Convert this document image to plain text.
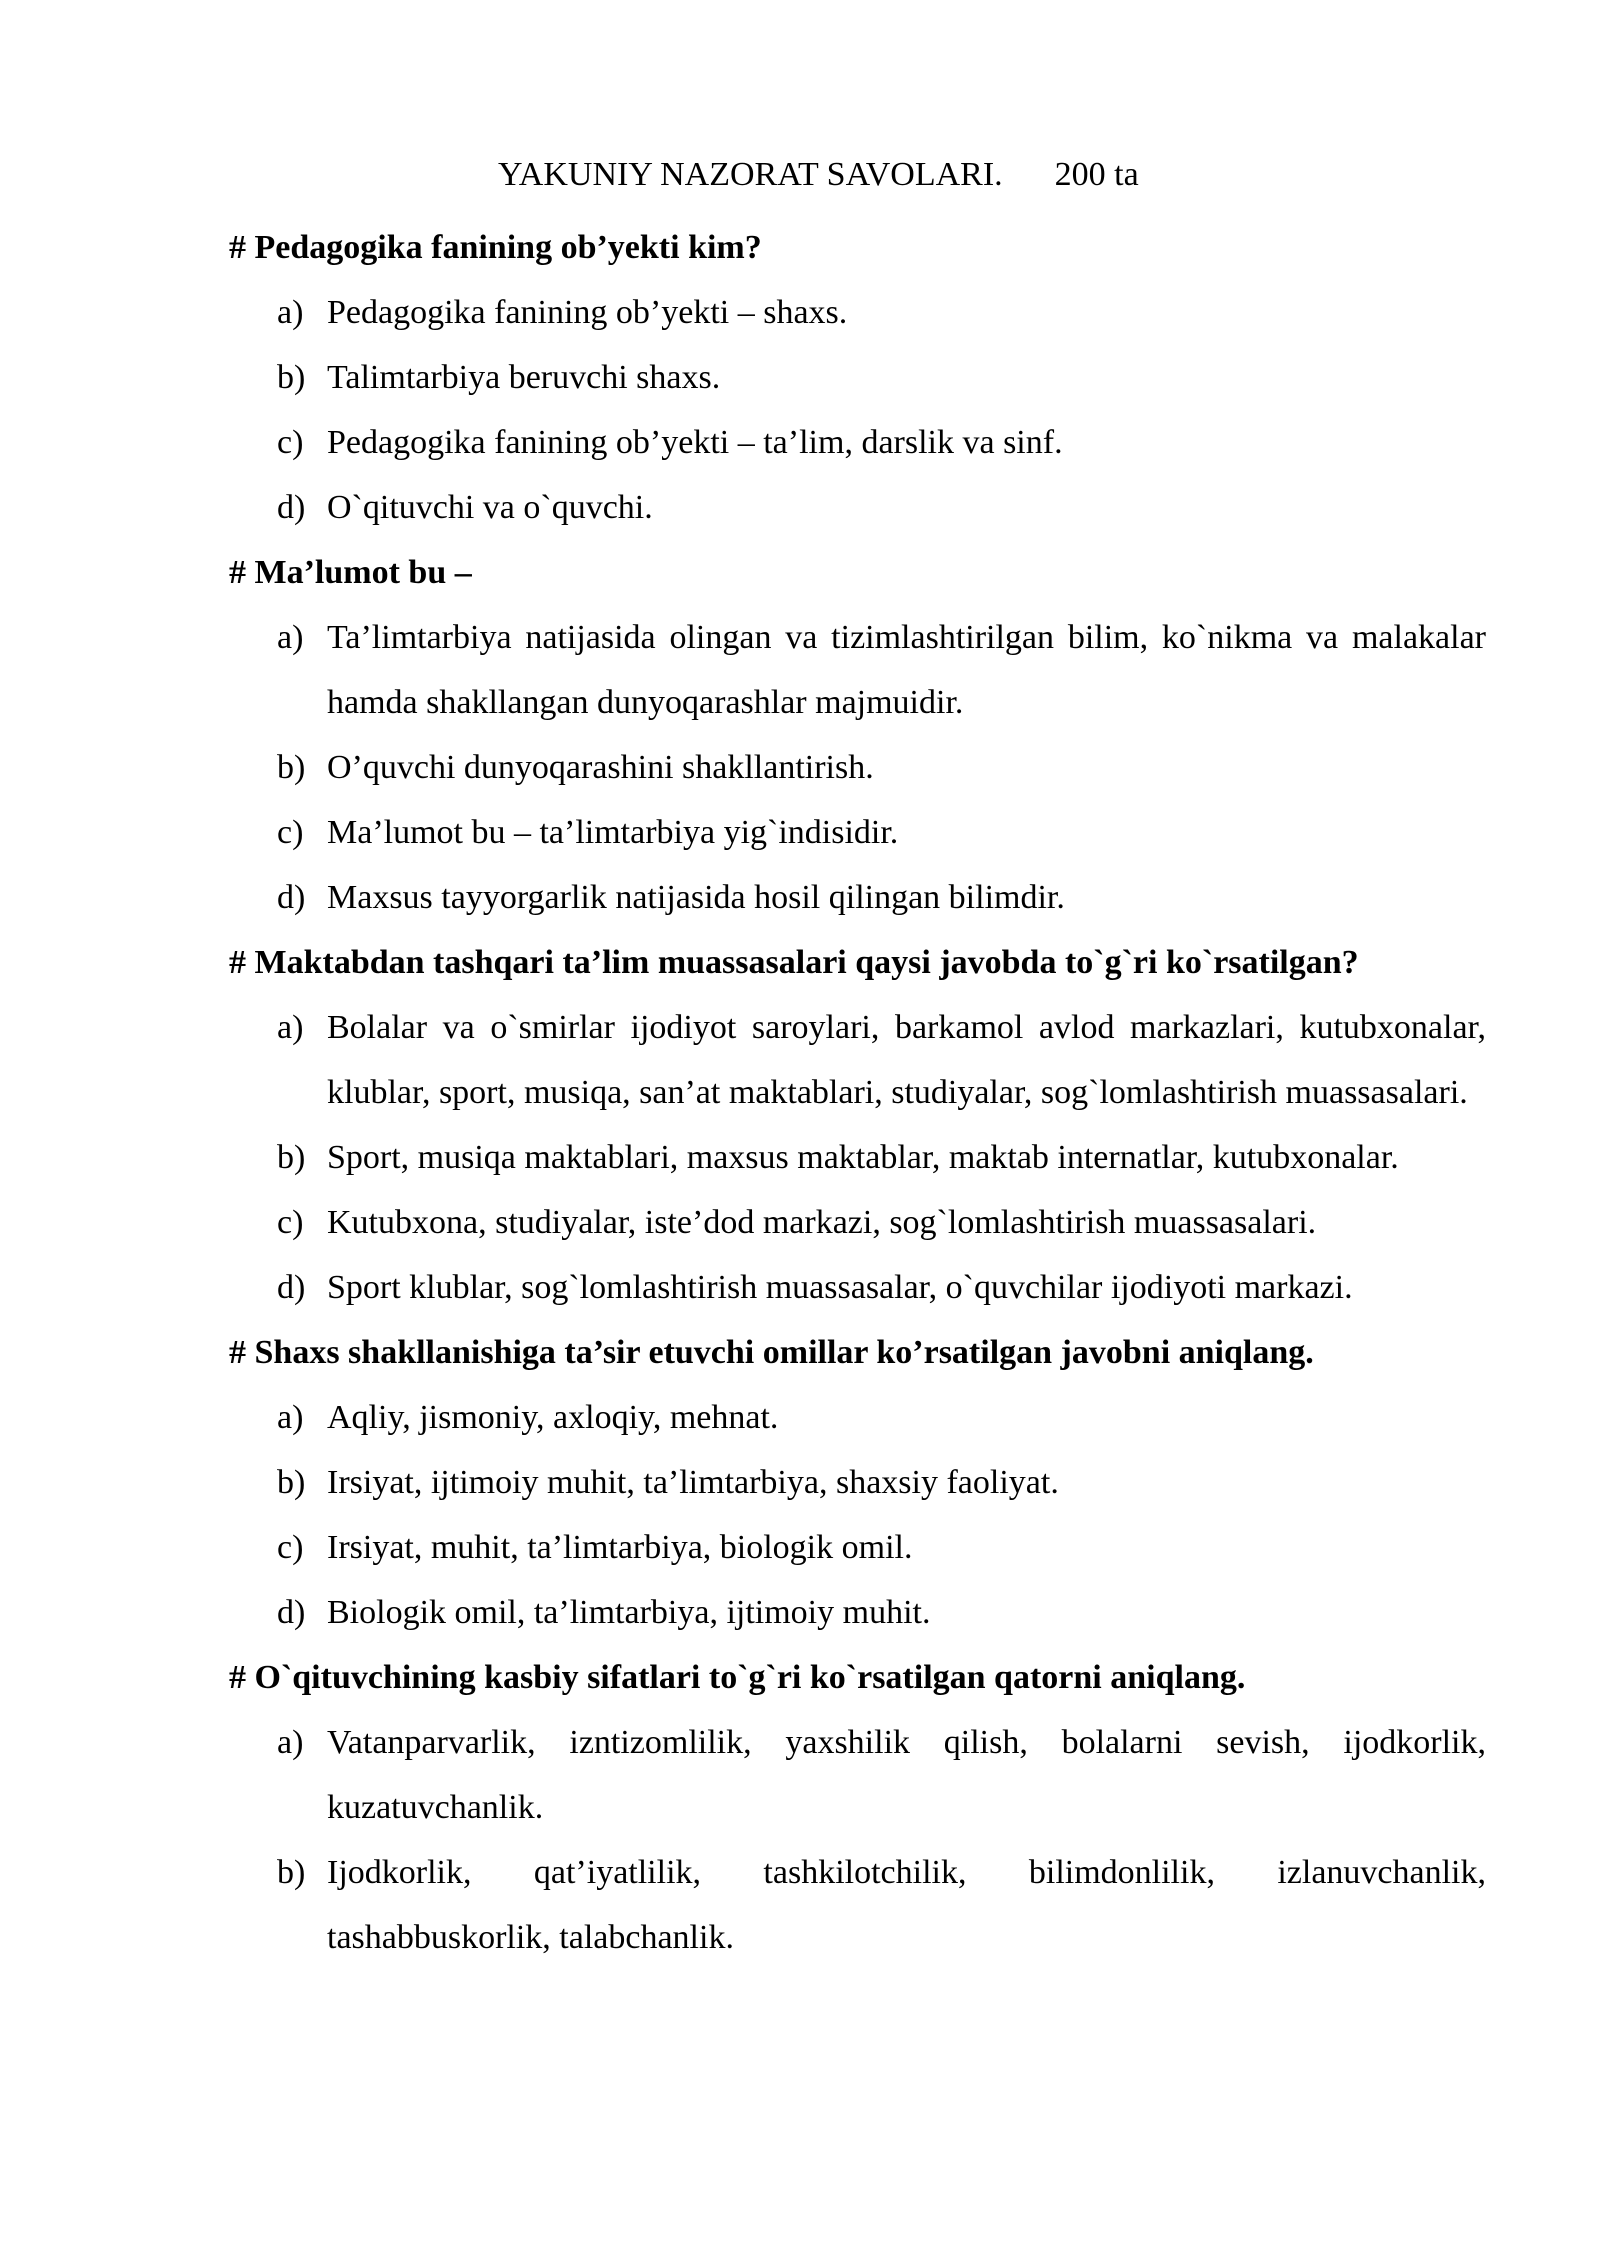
YAKUNIY NAZORAT SAVOLARI. 200 ta
# Pedagogika fanining ob’yekti kim?
a) Pedagogika fanining ob’yekti – shaxs.
b) Talimtarbiya beruvchi shaxs.
c) Pedagogika fanining ob’yekti – ta’lim, darslik va sinf.
d) O`qituvchi va o`quvchi.
# Ma’lumot bu –
a) Ta’limtarbiya natijasida olingan va tizimlashtirilgan bilim, ko`nikma va malakalar hamda shakllangan dunyoqarashlar majmuidir.
b) O’quvchi dunyoqarashini shakllantirish.
c) Ma’lumot bu – ta’limtarbiya yig`indisidir.
d) Maxsus tayyorgarlik natijasida hosil qilingan bilimdir.
# Maktabdan tashqari ta’lim muassasalari qaysi javobda to`g`ri ko`rsatilgan?
a) Bolalar va o`smirlar ijodiyot saroylari, barkamol avlod markazlari, kutubxonalar, klublar, sport, musiqa, san’at maktablari, studiyalar, sog`lomlashtirish muassasalari.
b) Sport, musiqa maktablari, maxsus maktablar, maktab internatlar, kutubxonalar.
c) Kutubxona, studiyalar, iste’dod markazi, sog`lomlashtirish muassasalari.
d) Sport klublar, sog`lomlashtirish muassasalar, o`quvchilar ijodiyoti markazi.
# Shaxs shakllanishiga ta’sir etuvchi omillar ko’rsatilgan javobni aniqlang.
a) Aqliy, jismoniy, axloqiy, mehnat.
b) Irsiyat, ijtimoiy muhit, ta’limtarbiya, shaxsiy faoliyat.
c) Irsiyat, muhit, ta’limtarbiya, biologik omil.
d) Biologik omil, ta’limtarbiya, ijtimoiy muhit.
# O`qituvchining kasbiy sifatlari to`g`ri ko`rsatilgan qatorni aniqlang.
a) Vatanparvarlik, izntizomlilik, yaxshilik qilish, bolalarni sevish, ijodkorlik, kuzatuvchanlik.
b) Ijodkorlik, qat’iyatlilik, tashkilotchilik, bilimdonlilik, izlanuvchanlik, tashabbuskorlik, talabchanlik.
